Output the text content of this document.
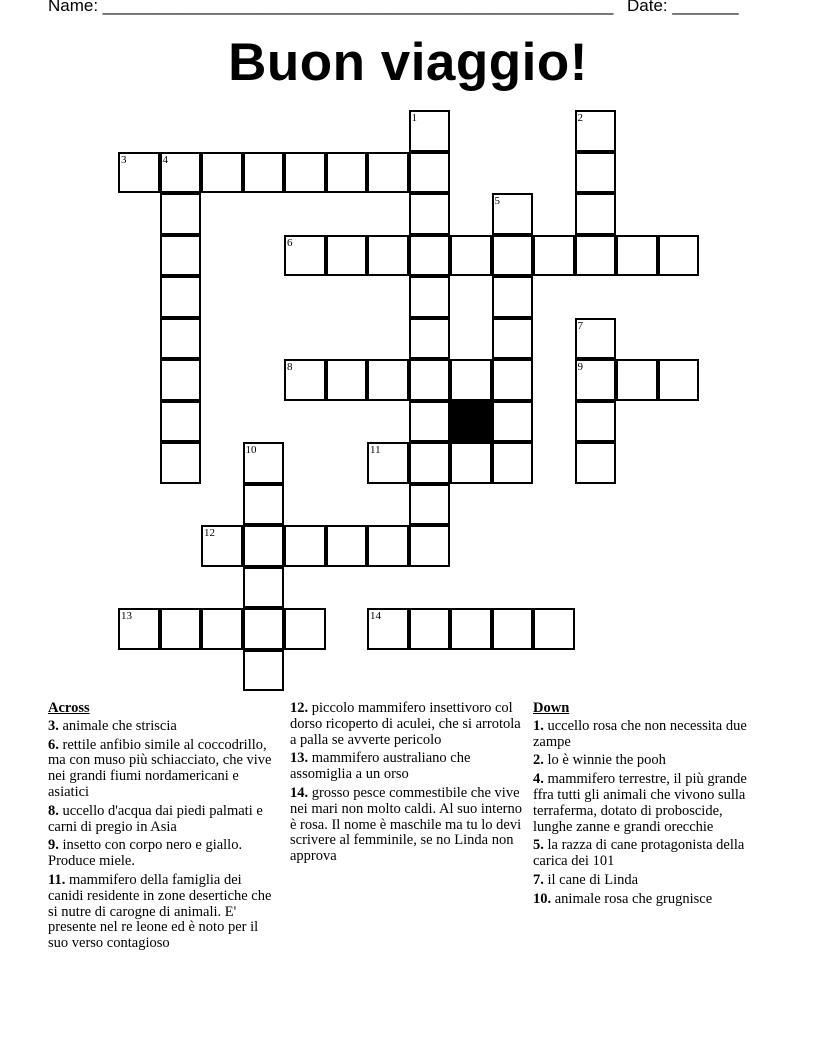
Name: ______________________________________________________ Date: _______
Buon viaggio!
3	4
6
8	9
11
12
13	14
1	2
5
7
10
Across
3. animale che striscia
6. rettile anfibio simile al coccodrillo, ma con muso più schiacciato, che vive nei grandi fiumi nordamericani e asiatici
8. uccello d'acqua dai piedi palmati e carni di pregio in Asia
9. insetto con corpo nero e giallo. Produce miele.
11. mammifero della famiglia dei canidi residente in zone desertiche che si nutre di carogne di animali. E' presente nel re leone ed è noto per il suo verso contagioso
12. piccolo mammifero insettivoro col dorso ricoperto di aculei, che si arrotola a palla se avverte pericolo
13. mammifero australiano che assomiglia a un orso
14. grosso pesce commestibile che vive nei mari non molto caldi. Al suo interno è rosa. Il nome è maschile ma tu lo devi scrivere al femminile, se no Linda non approva
Down
1. uccello rosa che non necessita due zampe
2. lo è winnie the pooh
4. mammifero terrestre, il più grande ffra tutti gli animali che vivono sulla terraferma, dotato di proboscide, lunghe zanne e grandi orecchie
5. la razza di cane protagonista della carica dei 101
7. il cane di Linda
10. animale rosa che grugnisce
